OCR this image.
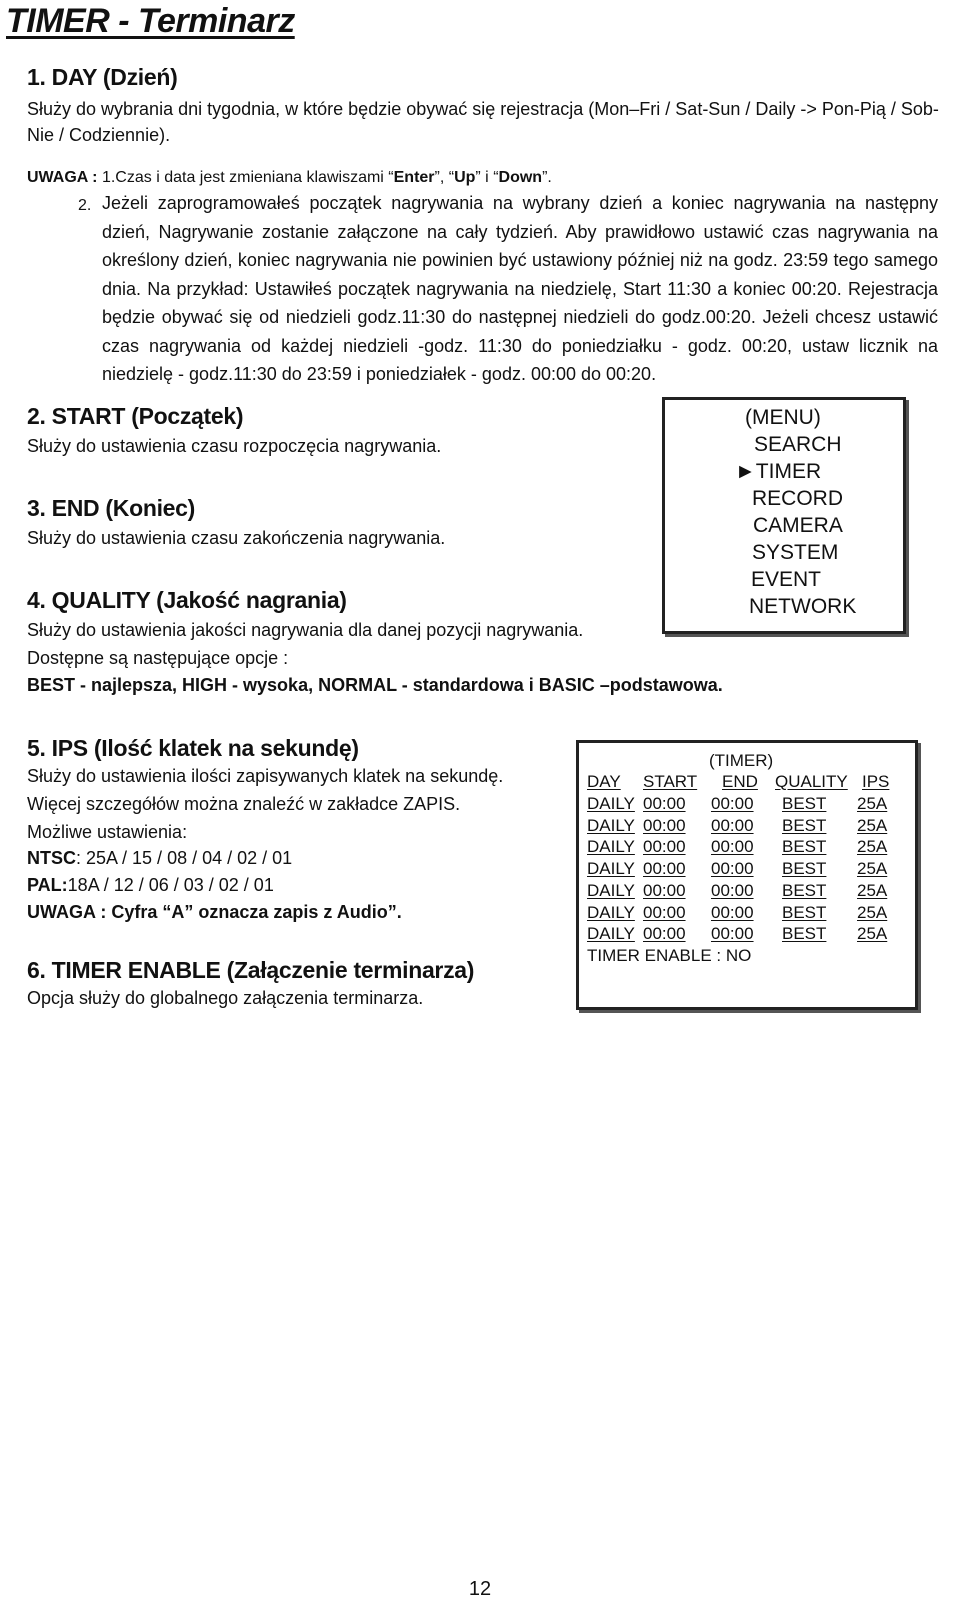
TIMER - Terminarz
1. DAY (Dzień)
Służy do wybrania dni tygodnia, w które będzie obywać się rejestracja (Mon–Fri / Sat-Sun / Daily -> Pon-Pią / Sob-Nie / Codziennie).
UWAGA : 1.Czas i data jest zmieniana klawiszami “Enter”, “Up” i “Down”.
2. Jeżeli zaprogramowałeś początek nagrywania na wybrany dzień a koniec nagrywania na następny dzień, Nagrywanie zostanie załączone na cały tydzień. Aby prawidłowo ustawić czas nagrywania na określony dzień, koniec nagrywania nie powinien być ustawiony później niż na godz. 23:59 tego samego dnia. Na przykład: Ustawiłeś początek nagrywania na niedzielę, Start 11:30 a koniec 00:20. Rejestracja będzie obywać się od niedzieli godz.11:30 do następnej niedzieli do godz.00:20. Jeżeli chcesz ustawić czas nagrywania od każdej niedzieli -godz. 11:30 do poniedziałku - godz. 00:20, ustaw licznik na niedzielę - godz.11:30 do 23:59 i poniedziałek - godz. 00:00 do 00:20.
2. START (Początek)
Służy do ustawienia czasu rozpoczęcia nagrywania.
3. END (Koniec)
Służy do ustawienia czasu zakończenia nagrywania.
4. QUALITY (Jakość nagrania)
Służy do ustawienia jakości nagrywania dla danej pozycji nagrywania.
Dostępne są następujące opcje :
BEST - najlepsza, HIGH - wysoka, NORMAL - standardowa i BASIC –podstawowa.
(MENU)
SEARCH
►TIMER
RECORD
CAMERA
SYSTEM
EVENT
NETWORK
5. IPS (Ilość klatek na sekundę)
Służy do ustawienia ilości zapisywanych klatek na sekundę.
Więcej szczegółów można znaleźć w zakładce ZAPIS.
Możliwe ustawienia:
NTSC: 25A / 15 / 08 / 04 / 02 / 01
PAL:18A / 12 / 06 / 03 / 02 / 01
UWAGA : Cyfra “A” oznacza zapis z Audio”.
6. TIMER ENABLE (Załączenie terminarza)
Opcja służy do globalnego załączenia terminarza.
(TIMER)
DAY START END QUALITY IPS
DAILY 00:00 00:00 BEST 25A
DAILY 00:00 00:00 BEST 25A
DAILY 00:00 00:00 BEST 25A
DAILY 00:00 00:00 BEST 25A
DAILY 00:00 00:00 BEST 25A
DAILY 00:00 00:00 BEST 25A
DAILY 00:00 00:00 BEST 25A
TIMER ENABLE : NO
12
